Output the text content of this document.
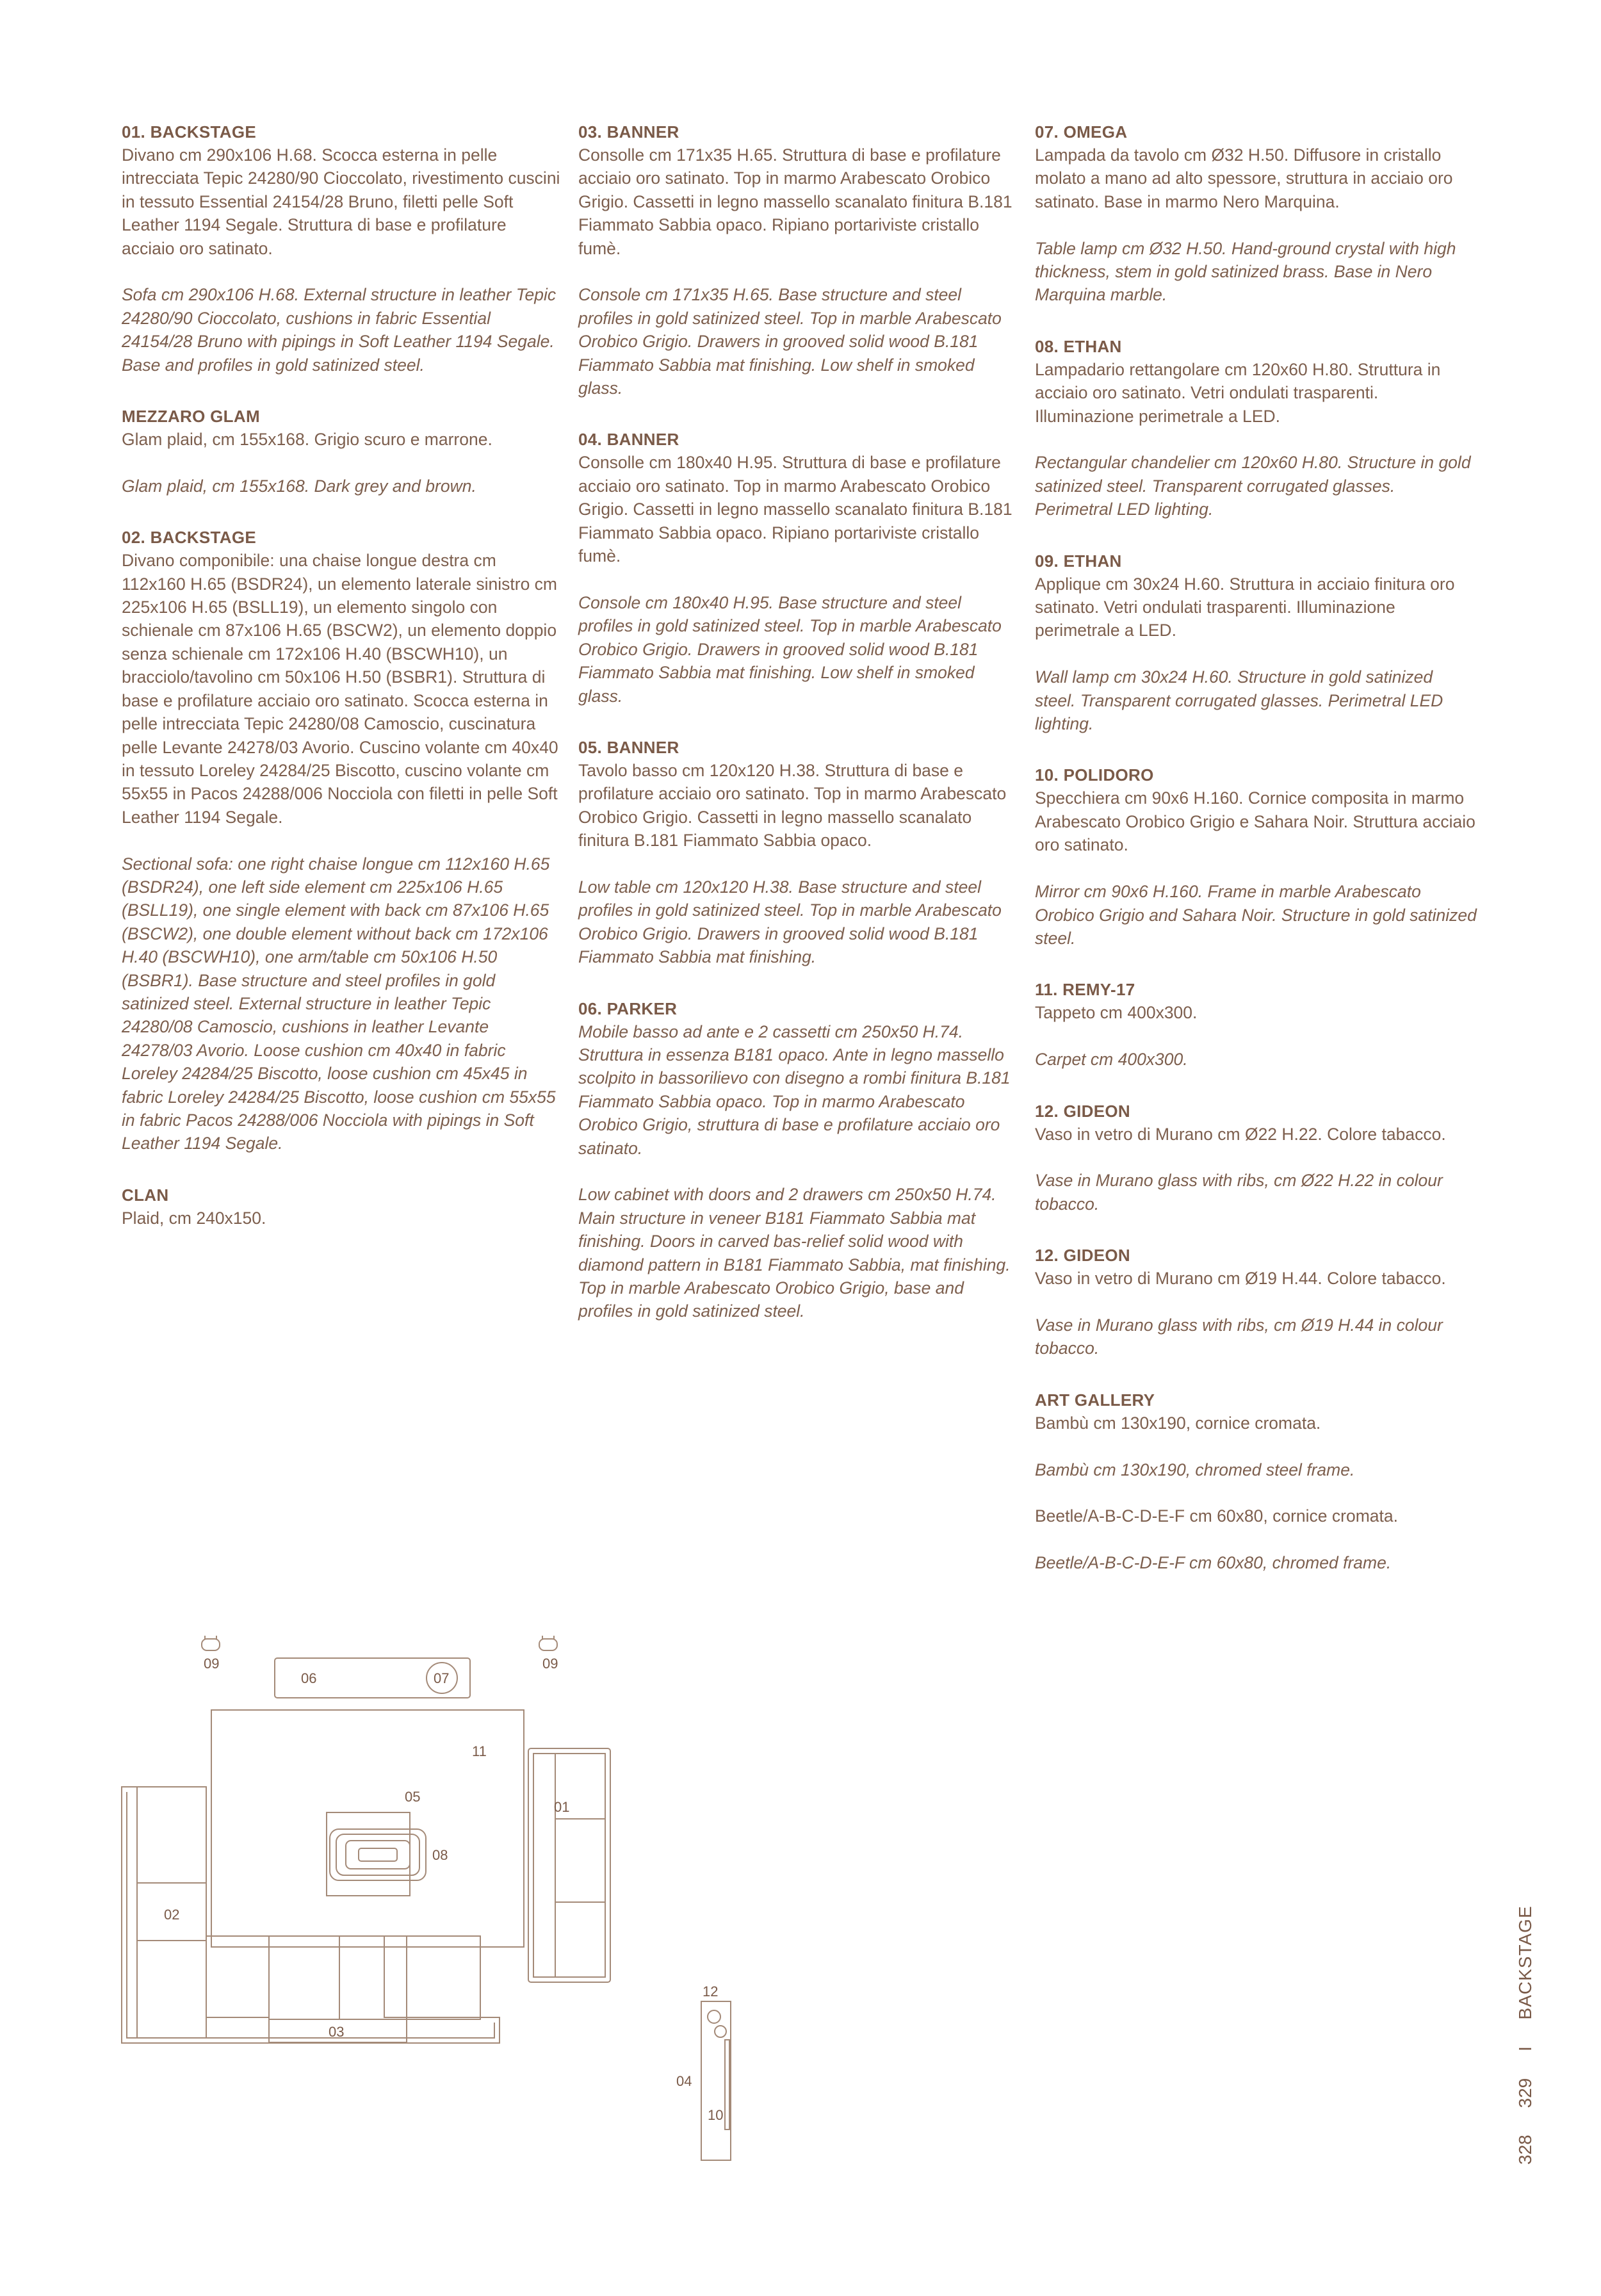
01. BACKSTAGE
Divano cm 290x106 H.68. Scocca esterna in pelle intrecciata Tepic 24280/90 Cioccolato, rivestimento cuscini in tessuto Essential 24154/28 Bruno, filetti pelle Soft Leather 1194 Segale. Struttura di base e profilature acciaio oro satinato.
Sofa cm 290x106 H.68. External structure in leather Tepic 24280/90 Cioccolato, cushions in fabric Essential 24154/28 Bruno with pipings in Soft Leather 1194 Segale. Base and profiles in gold satinized steel.
MEZZARO GLAM
Glam plaid, cm 155x168. Grigio scuro e marrone.
Glam plaid, cm 155x168. Dark grey and brown.
02. BACKSTAGE
Divano componibile: una chaise longue destra cm 112x160 H.65 (BSDR24), un elemento laterale sinistro cm 225x106 H.65 (BSLL19), un elemento singolo con schienale cm 87x106 H.65 (BSCW2), un elemento doppio senza schienale cm 172x106 H.40 (BSCWH10), un bracciolo/tavolino cm 50x106 H.50 (BSBR1). Struttura di base e profilature acciaio oro satinato. Scocca esterna in pelle intrecciata Tepic 24280/08 Camoscio, cuscinatura pelle Levante 24278/03 Avorio. Cuscino volante cm 40x40 in tessuto Loreley 24284/25 Biscotto, cuscino volante cm 55x55 in Pacos 24288/006 Nocciola con filetti in pelle Soft Leather 1194 Segale.
Sectional sofa: one right chaise longue cm 112x160 H.65 (BSDR24), one left side element cm 225x106 H.65 (BSLL19), one single element with back cm 87x106 H.65 (BSCW2), one double element without back cm 172x106 H.40 (BSCWH10), one arm/table cm 50x106 H.50 (BSBR1). Base structure and steel profiles in gold satinized steel. External structure in leather Tepic 24280/08 Camoscio, cushions in leather Levante 24278/03 Avorio. Loose cushion cm 40x40 in fabric Loreley 24284/25 Biscotto, loose cushion cm 45x45 in fabric Loreley 24284/25 Biscotto, loose cushion cm 55x55 in fabric Pacos 24288/006 Nocciola with pipings in Soft Leather 1194 Segale.
CLAN
Plaid, cm 240x150.
03. BANNER
Consolle cm 171x35 H.65. Struttura di base e profilature acciaio oro satinato. Top in marmo Arabescato Orobico Grigio. Cassetti in legno massello scanalato finitura B.181 Fiammato Sabbia opaco. Ripiano portariviste cristallo fumè.
Console cm 171x35 H.65. Base structure and steel profiles in gold satinized steel. Top in marble Arabescato Orobico Grigio. Drawers in grooved solid wood B.181 Fiammato Sabbia mat finishing. Low shelf in smoked glass.
04. BANNER
Consolle cm 180x40 H.95. Struttura di base e profilature acciaio oro satinato. Top in marmo Arabescato Orobico Grigio. Cassetti in legno massello scanalato finitura B.181 Fiammato Sabbia opaco. Ripiano portariviste cristallo fumè.
Console cm 180x40 H.95. Base structure and steel profiles in gold satinized steel. Top in marble Arabescato Orobico Grigio. Drawers in grooved solid wood B.181 Fiammato Sabbia mat finishing. Low shelf in smoked glass.
05. BANNER
Tavolo basso cm 120x120 H.38. Struttura di base e profilature acciaio oro satinato. Top in marmo Arabescato Orobico Grigio. Cassetti in legno massello scanalato finitura B.181 Fiammato Sabbia opaco.
Low table cm 120x120 H.38. Base structure and steel profiles in gold satinized steel. Top in marble Arabescato Orobico Grigio. Drawers in grooved solid wood B.181 Fiammato Sabbia mat finishing.
06. PARKER
Mobile basso ad ante e 2 cassetti cm 250x50 H.74. Struttura in essenza B181 opaco. Ante in legno massello scolpito in bassorilievo con disegno a rombi finitura B.181 Fiammato Sabbia opaco. Top in marmo Arabescato Orobico Grigio, struttura di base e profilature acciaio oro satinato.
Low cabinet with doors and 2 drawers cm 250x50 H.74. Main structure in veneer B181 Fiammato Sabbia mat finishing. Doors in carved bas-relief solid wood with diamond pattern in B181 Fiammato Sabbia, mat finishing. Top in marble Arabescato Orobico Grigio, base and profiles in gold satinized steel.
07. OMEGA
Lampada da tavolo cm Ø32 H.50. Diffusore in cristallo molato a mano ad alto spessore, struttura in acciaio oro satinato. Base in marmo Nero Marquina.
Table lamp cm Ø32 H.50. Hand-ground crystal with high thickness, stem in gold satinized brass. Base in Nero Marquina marble.
08. ETHAN
Lampadario rettangolare cm 120x60 H.80. Struttura in acciaio oro satinato. Vetri ondulati trasparenti. Illuminazione perimetrale a LED.
Rectangular chandelier cm 120x60 H.80. Structure in gold satinized steel. Transparent corrugated glasses. Perimetral LED lighting.
09. ETHAN
Applique cm 30x24 H.60. Struttura in acciaio finitura oro satinato. Vetri ondulati trasparenti. Illuminazione perimetrale a LED.
Wall lamp cm 30x24 H.60. Structure in gold satinized steel. Transparent corrugated glasses. Perimetral LED lighting.
10. POLIDORO
Specchiera cm 90x6 H.160. Cornice composita in marmo Arabescato Orobico Grigio e Sahara Noir. Struttura acciaio oro satinato.
Mirror cm 90x6 H.160. Frame in marble Arabescato Orobico Grigio and Sahara Noir. Structure in gold satinized steel.
11. REMY-17
Tappeto cm 400x300.
Carpet cm 400x300.
12. GIDEON
Vaso in vetro di Murano cm Ø22 H.22. Colore tabacco.
Vase in Murano glass with ribs, cm Ø22 H.22 in colour tobacco.
12. GIDEON
Vaso in vetro di Murano cm Ø19 H.44. Colore tabacco.
Vase in Murano glass with ribs, cm Ø19 H.44 in colour tobacco.
ART GALLERY
Bambù cm 130x190, cornice cromata.
Bambù cm 130x190, chromed steel frame.
Beetle/A-B-C-D-E-F cm 60x80, cornice cromata.
Beetle/A-B-C-D-E-F cm 60x80, chromed frame.
09
06	07
09
11
01
05
08
02
03
12
04
10
328 329 I BACKSTAGE
